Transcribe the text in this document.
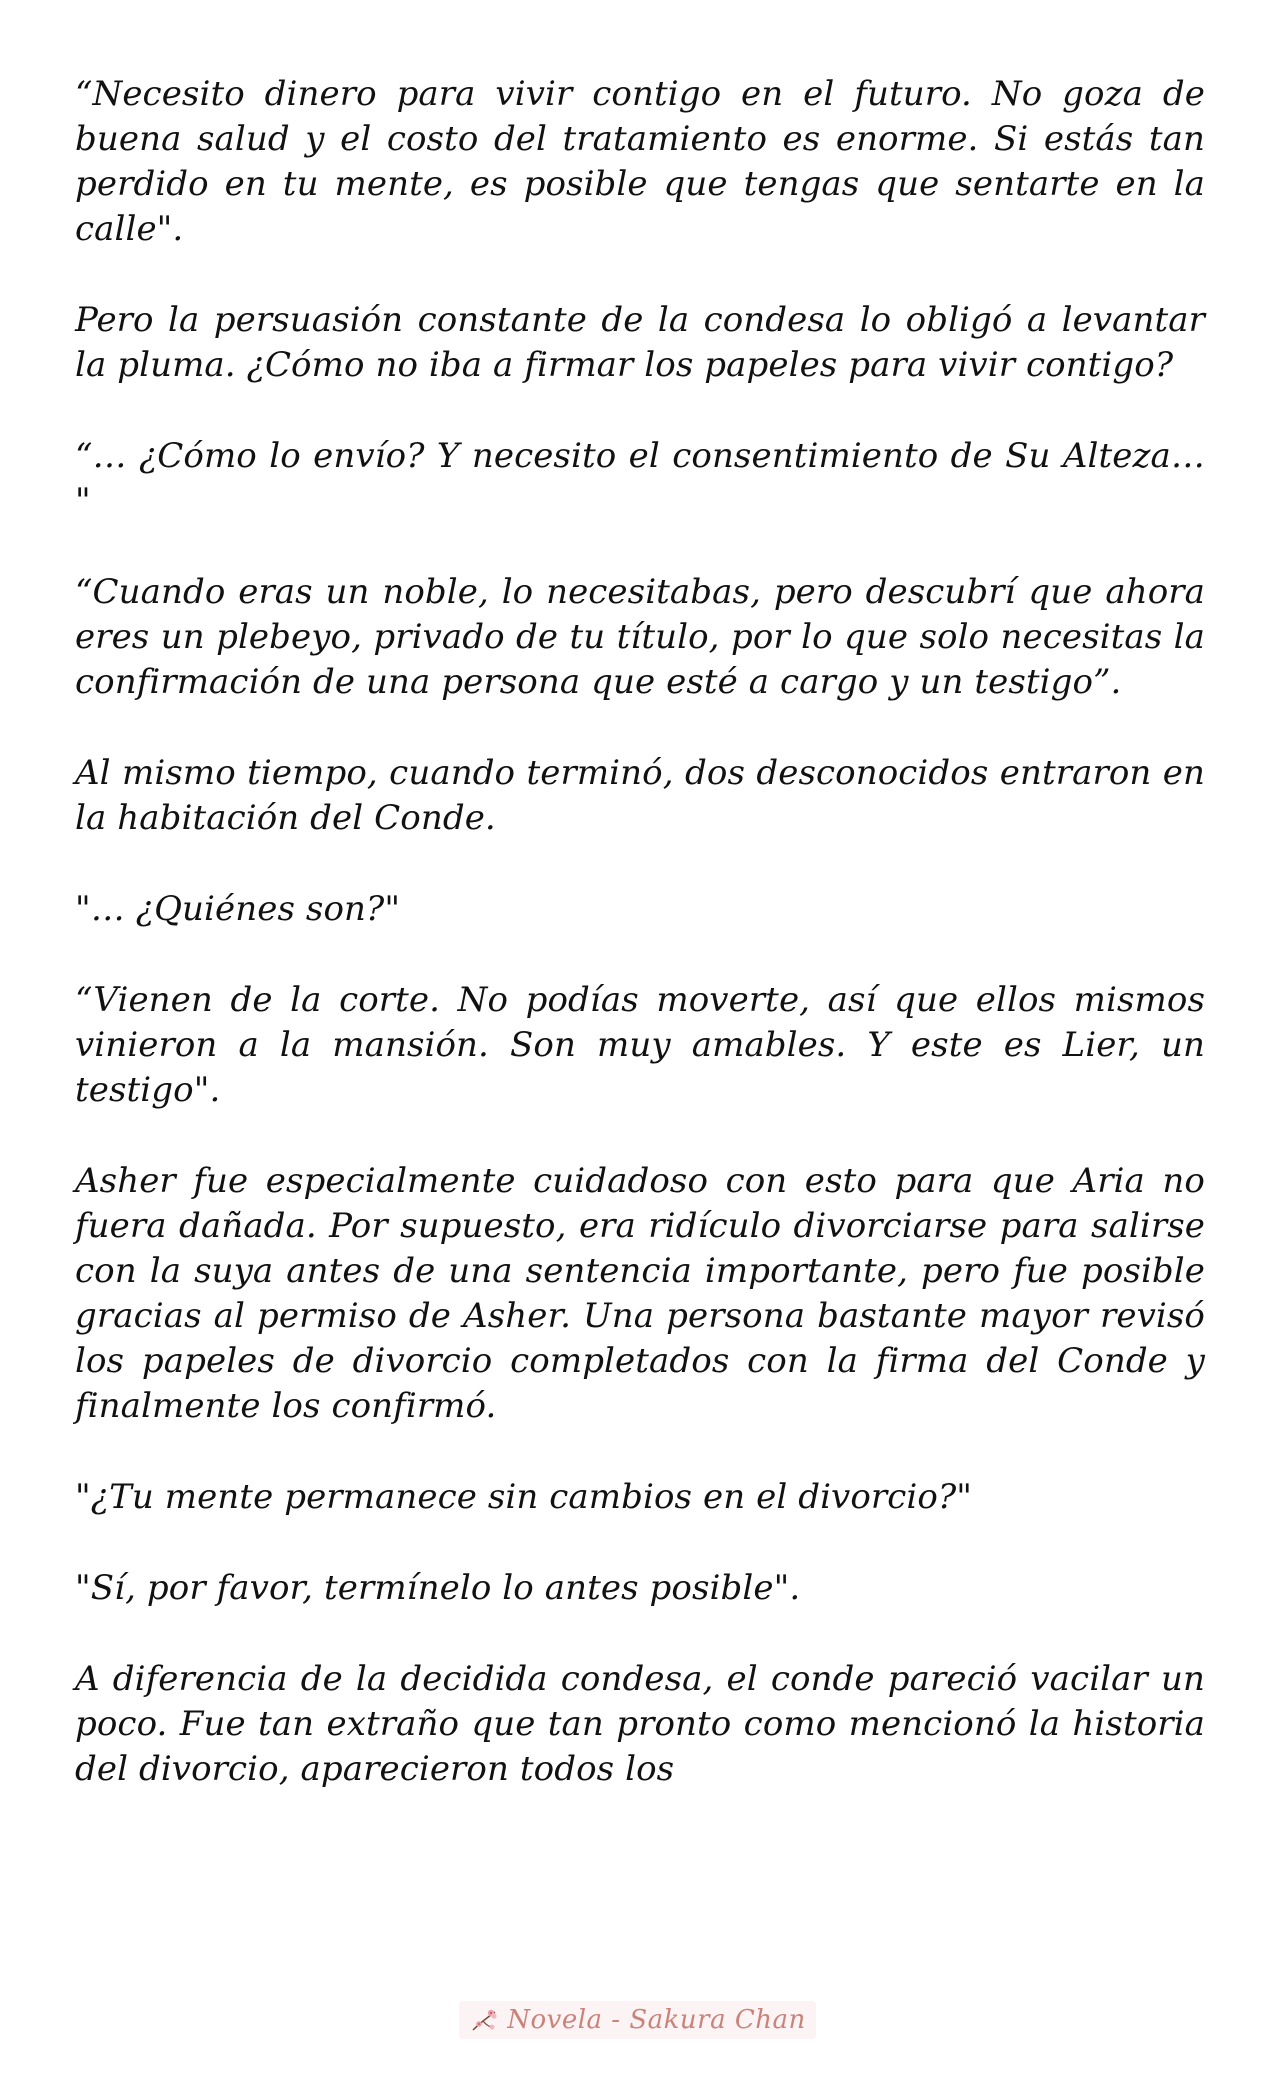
“Necesito dinero para vivir contigo en el futuro. No goza de buena salud y el costo del tratamiento es enorme. Si estás tan perdido en tu mente, es posible que tengas que sentarte en la calle".

Pero la persuasión constante de la condesa lo obligó a levantar la pluma. ¿Cómo no iba a firmar los papeles para vivir contigo?

“… ¿Cómo lo envío? Y necesito el consentimiento de Su Alteza… "

“Cuando eras un noble, lo necesitabas, pero descubrí que ahora eres un plebeyo, privado de tu título, por lo que solo necesitas la confirmación de una persona que esté a cargo y un testigo”.

Al mismo tiempo, cuando terminó, dos desconocidos entraron en la habitación del Conde.

"… ¿Quiénes son?"

“Vienen de la corte. No podías moverte, así que ellos mismos vinieron a la mansión. Son muy amables. Y este es Lier, un testigo".

Asher fue especialmente cuidadoso con esto para que Aria no fuera dañada. Por supuesto, era ridículo divorciarse para salirse con la suya antes de una sentencia importante, pero fue posible gracias al permiso de Asher. Una persona bastante mayor revisó los papeles de divorcio completados con la firma del Conde y finalmente los confirmó.

"¿Tu mente permanece sin cambios en el divorcio?"

"Sí, por favor, termínelo lo antes posible".

A diferencia de la decidida condesa, el conde pareció vacilar un poco. Fue tan extraño que tan pronto como mencionó la historia del divorcio, aparecieron todos los

Novela - Sakura Chan
